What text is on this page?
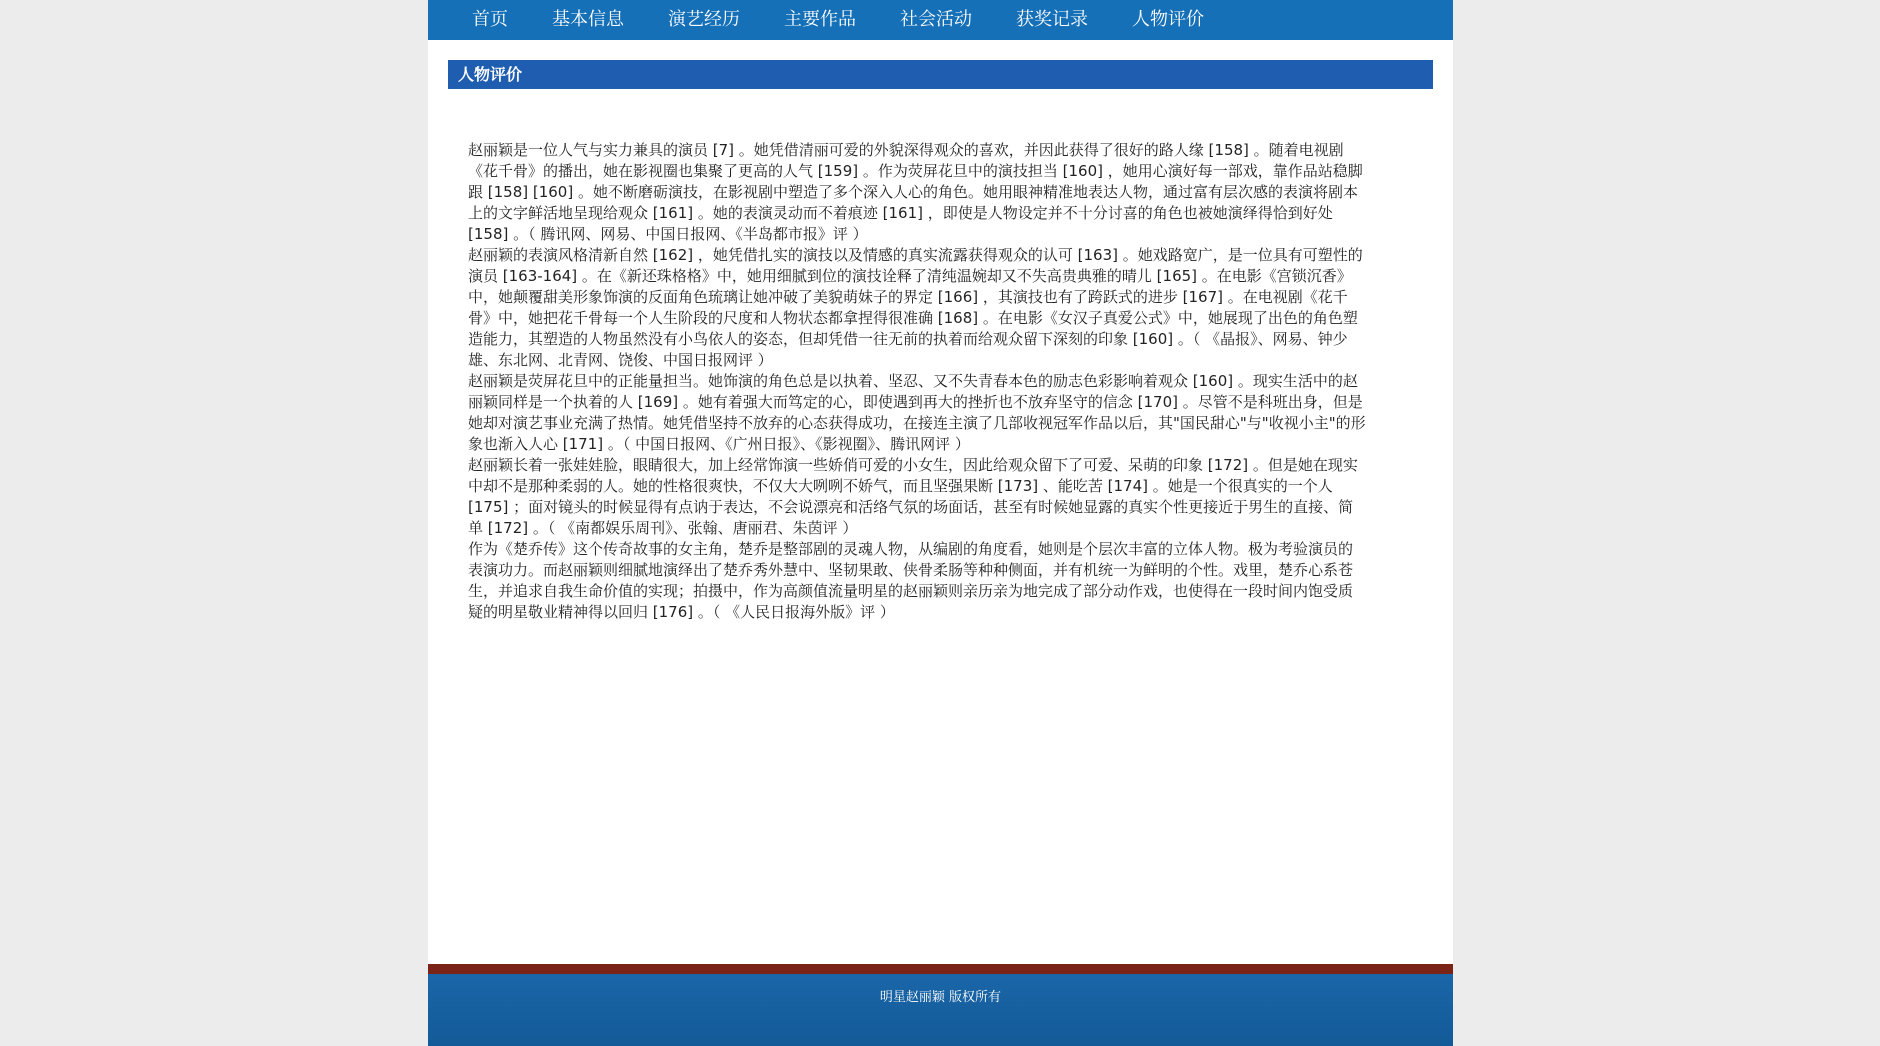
首页 基本信息 演艺经历 主要作品 社会活动 获奖记录 人物评价
人物评价

赵丽颖是一位人气与实力兼具的演员 [7] 。她凭借清丽可爱的外貌深得观众的喜欢，并因此获得了很好的路人缘 [158] 。随着电视剧《花千骨》的播出，她在影视圈也集聚了更高的人气 [159] 。作为荧屏花旦中的演技担当 [160] ，她用心演好每一部戏，靠作品站稳脚跟 [158] [160] 。她不断磨砺演技，在影视剧中塑造了多个深入人心的角色。她用眼神精准地表达人物，通过富有层次感的表演将剧本上的文字鲜活地呈现给观众 [161] 。她的表演灵动而不着痕迹 [161] ，即使是人物设定并不十分讨喜的角色也被她演绎得恰到好处 [158] 。（ 腾讯网、网易、中国日报网、《半岛都市报》评 ）

赵丽颖的表演风格清新自然 [162] ，她凭借扎实的演技以及情感的真实流露获得观众的认可 [163] 。她戏路宽广，是一位具有可塑性的演员 [163-164] 。在《新还珠格格》中，她用细腻到位的演技诠释了清纯温婉却又不失高贵典雅的晴儿 [165] 。在电影《宫锁沉香》中，她颠覆甜美形象饰演的反面角色琉璃让她冲破了美貌萌妹子的界定 [166] ，其演技也有了跨跃式的进步 [167] 。在电视剧《花千骨》中，她把花千骨每一个人生阶段的尺度和人物状态都拿捏得很准确 [168] 。在电影《女汉子真爱公式》中，她展现了出色的角色塑造能力，其塑造的人物虽然没有小鸟依人的姿态，但却凭借一往无前的执着而给观众留下深刻的印象 [160] 。（ 《晶报》、网易、钟少雄、东北网、北青网、饶俊、中国日报网评 ）

赵丽颖是荧屏花旦中的正能量担当。她饰演的角色总是以执着、坚忍、又不失青春本色的励志色彩影响着观众 [160] 。现实生活中的赵丽颖同样是一个执着的人 [169] 。她有着强大而笃定的心，即使遇到再大的挫折也不放弃坚守的信念 [170] 。尽管不是科班出身，但是她却对演艺事业充满了热情。她凭借坚持不放弃的心态获得成功，在接连主演了几部收视冠军作品以后，其"国民甜心"与"收视小主"的形象也渐入人心 [171] 。（ 中国日报网、《广州日报》、《影视圈》、腾讯网评 ）

赵丽颖长着一张娃娃脸，眼睛很大，加上经常饰演一些娇俏可爱的小女生，因此给观众留下了可爱、呆萌的印象 [172] 。但是她在现实中却不是那种柔弱的人。她的性格很爽快，不仅大大咧咧不娇气，而且坚强果断 [173] 、能吃苦 [174] 。她是一个很真实的一个人 [175] ；面对镜头的时候显得有点讷于表达，不会说漂亮和活络气氛的场面话，甚至有时候她显露的真实个性更接近于男生的直接、简单 [172] 。（ 《南都娱乐周刊》、张翰、唐丽君、朱茵评 ）

作为《楚乔传》这个传奇故事的女主角，楚乔是整部剧的灵魂人物，从编剧的角度看，她则是个层次丰富的立体人物。极为考验演员的表演功力。而赵丽颖则细腻地演绎出了楚乔秀外慧中、坚韧果敢、侠骨柔肠等种种侧面，并有机统一为鲜明的个性。戏里，楚乔心系苍生，并追求自我生命价值的实现；拍摄中，作为高颜值流量明星的赵丽颖则亲历亲为地完成了部分动作戏，也使得在一段时间内饱受质疑的明星敬业精神得以回归 [176] 。（ 《人民日报海外版》评 ）

明星赵丽颖 版权所有
